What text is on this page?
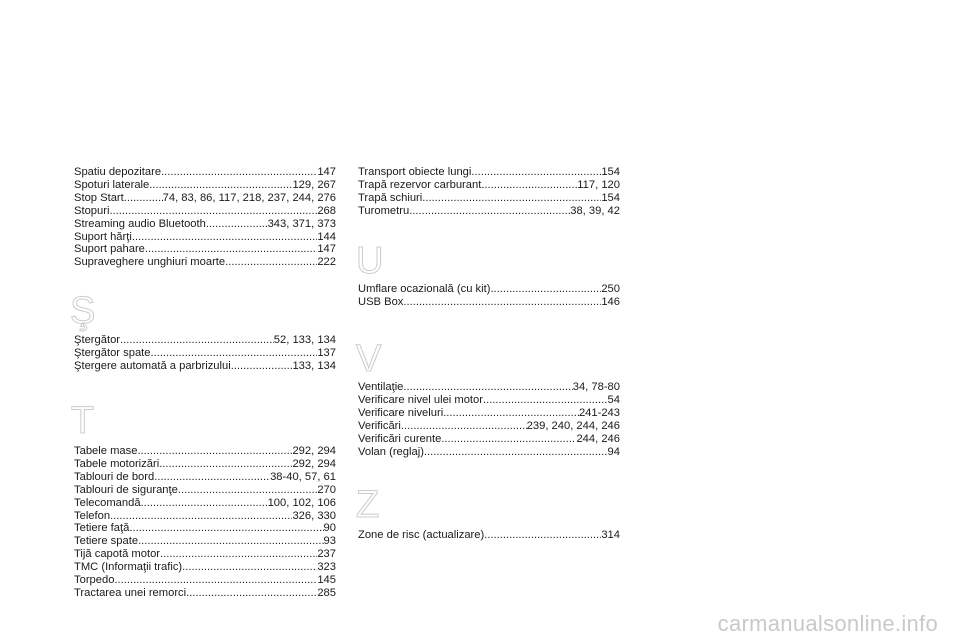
Spatiu depozitare .....	147
Spoturi laterale .....	129, 267
Stop Start .....	74, 83, 86, 117, 218, 237, 244, 276
Stopuri .....	268
Streaming audio Bluetooth .....	343, 371, 373
Suport hărţi .....	144
Suport pahare .....	147
Supraveghere unghiuri moarte .....	222
Ş
Ştergător .....	52, 133, 134
Ştergător spate .....	137
Ştergere automată a parbrizului .....	133, 134
T
Tabele mase .....	292, 294
Tabele motorizări .....	292, 294
Tablouri de bord .....	38-40, 57, 61
Tablouri de siguranţe .....	270
Telecomandă .....	100, 102, 106
Telefon .....	326, 330
Tetiere faţă .....	90
Tetiere spate .....	93
Tijă capotă motor .....	237
TMC (Informaţii trafic) .....	323
Torpedo .....	145
Tractarea unei remorci .....	285
Transport obiecte lungi .....	154
Trapă rezervor carburant .....	117, 120
Trapă schiuri .....	154
Turometru .....	38, 39, 42
U
Umflare ocazională (cu kit) .....	250
USB Box .....	146
V
Ventilaţie .....	34, 78-80
Verificare nivel ulei motor .....	54
Verificare niveluri .....	241-243
Verificări .....	239, 240, 244, 246
Verificări curente .....	244, 246
Volan (reglaj) .....	94
Z
Zone de risc (actualizare) .....	314
carmanualsonline.info
